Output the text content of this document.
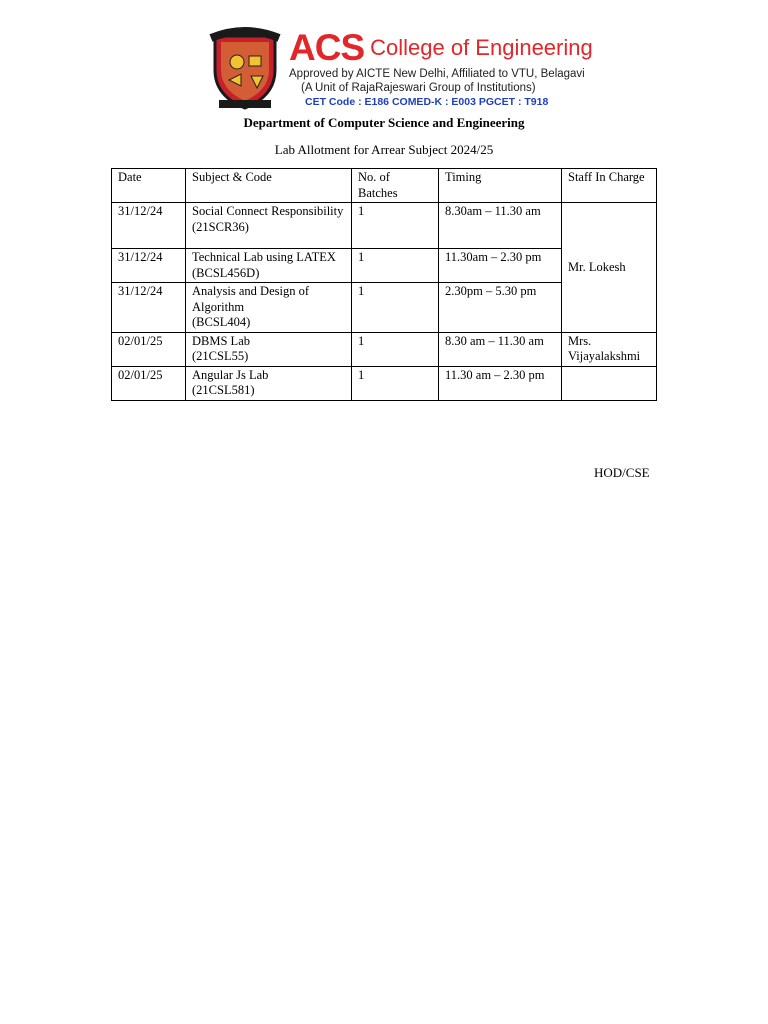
ACS College of Engineering
Approved by AICTE New Delhi, Affiliated to VTU, Belagavi
(A Unit of RajaRajeswari Group of Institutions)
CET Code : E186 COMED-K : E003 PGCET : T918
Department of Computer Science and Engineering
Lab Allotment for Arrear Subject 2024/25
Date	Subject & Code	No. of Batches	Timing	Staff In Charge
31/12/24	Social Connect Responsibility
(21SCR36)	1	8.30am – 11.30 am	Mr. Lokesh
31/12/24	Technical Lab using LATEX
(BCSL456D)	1	11.30am – 2.30 pm	
31/12/24	Analysis and Design of Algorithm
(BCSL404)	1	2.30pm – 5.30 pm	
02/01/25	DBMS Lab
(21CSL55)	1	8.30 am – 11.30 am	Mrs. Vijayalakshmi
02/01/25	Angular Js Lab
(21CSL581)	1	11.30 am – 2.30 pm	
HOD/CSE
